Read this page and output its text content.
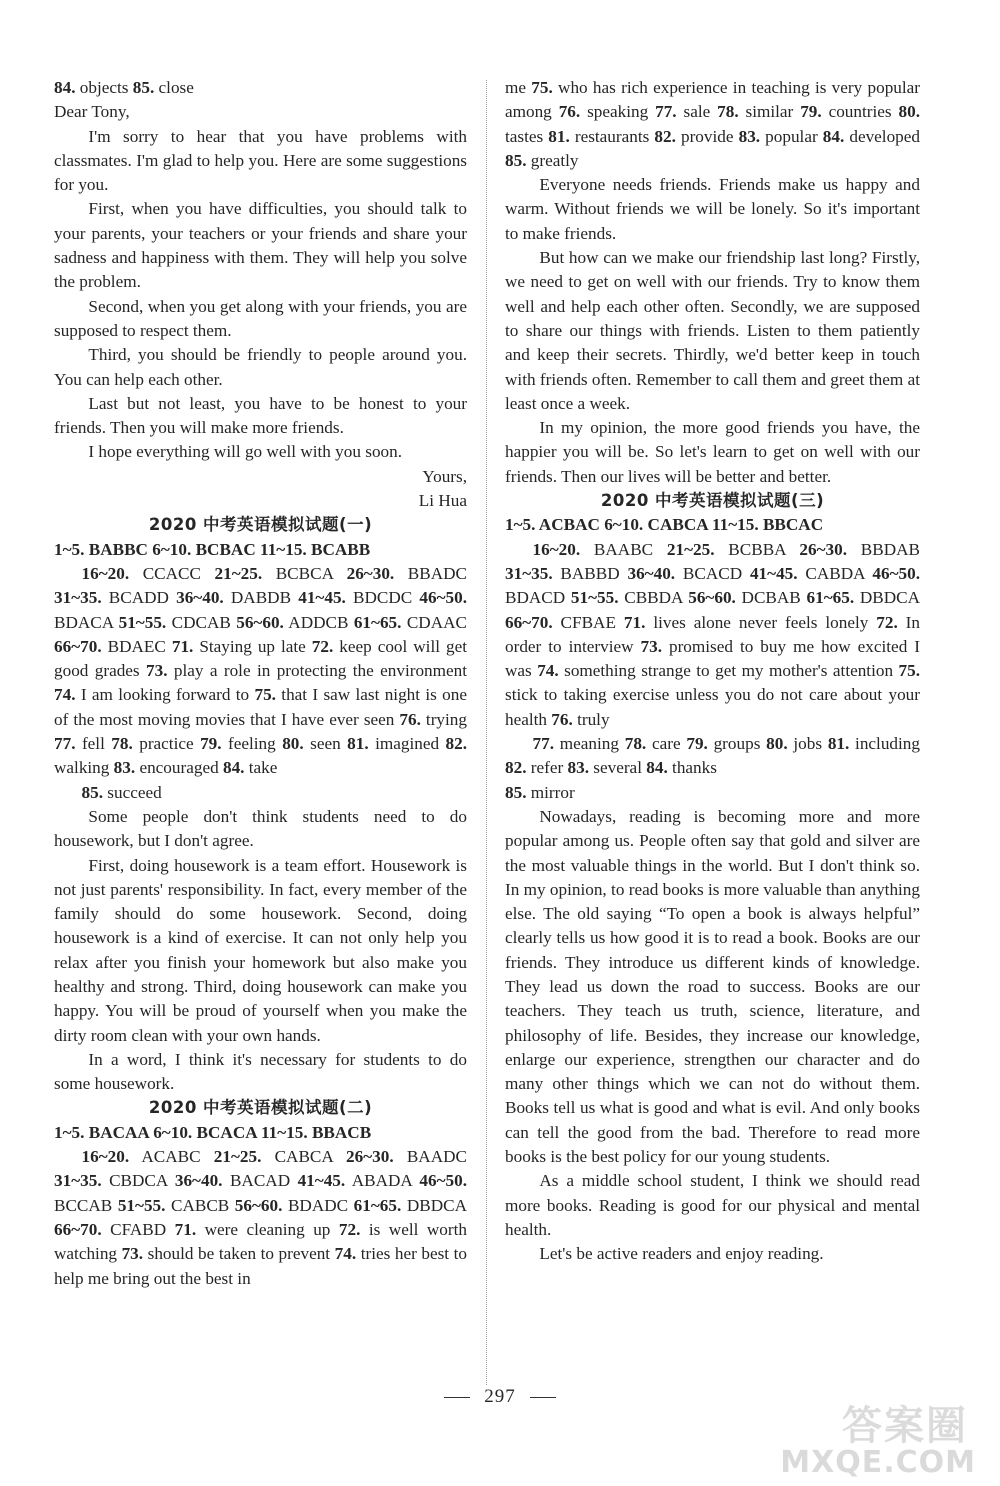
84. objects 85. close

Dear Tony,

I'm sorry to hear that you have problems with classmates. I'm glad to help you. Here are some suggestions for you.

First, when you have difficulties, you should talk to your parents, your teachers or your friends and share your sadness and happiness with them. They will help you solve the problem.

Second, when you get along with your friends, you are supposed to respect them.

Third, you should be friendly to people around you. You can help each other.

Last but not least, you have to be honest to your friends. Then you will make more friends.

I hope everything will go well with you soon.

Yours,

Li Hua

2020 中考英语模拟试题(一)

1~5. BABBC 6~10. BCBAC 11~15. BCABB

16~20. CCACC 21~25. BCBCA 26~30. BBADC 31~35. BCADD 36~40. DABDB 41~45. BDCDC 46~50. BDACA 51~55. CDCAB 56~60. ADDCB 61~65. CDAAC 66~70. BDAEC 71. Staying up late 72. keep cool will get good grades 73. play a role in protecting the environment 74. I am looking forward to 75. that I saw last night is one of the most moving movies that I have ever seen 76. trying 77. fell 78. practice 79. feeling 80. seen 81. imagined 82. walking 83. encouraged 84. take

85. succeed

Some people don't think students need to do housework, but I don't agree.

First, doing housework is a team effort. Housework is not just parents' responsibility. In fact, every member of the family should do some housework. Second, doing housework is a kind of exercise. It can not only help you relax after you finish your homework but also make you healthy and strong. Third, doing housework can make you happy. You will be proud of yourself when you make the dirty room clean with your own hands.

In a word, I think it's necessary for students to do some housework.

2020 中考英语模拟试题(二)

1~5. BACAA 6~10. BCACA 11~15. BBACB

16~20. ACABC 21~25. CABCA 26~30. BAADC 31~35. CBDCA 36~40. BACAD 41~45. ABADA 46~50. BCCAB 51~55. CABCB 56~60. BDADC 61~65. DBDCA 66~70. CFABD 71. were cleaning up 72. is well worth watching 73. should be taken to prevent 74. tries her best to help me bring out the best in

me 75. who has rich experience in teaching is very popular among 76. speaking 77. sale 78. similar 79. countries 80. tastes 81. restaurants 82. provide 83. popular 84. developed 85. greatly

Everyone needs friends. Friends make us happy and warm. Without friends we will be lonely. So it's important to make friends.

But how can we make our friendship last long? Firstly, we need to get on well with our friends. Try to know them well and help each other often. Secondly, we are supposed to share our things with friends. Listen to them patiently and keep their secrets. Thirdly, we'd better keep in touch with friends often. Remember to call them and greet them at least once a week.

In my opinion, the more good friends you have, the happier you will be. So let's learn to get on well with our friends. Then our lives will be better and better.

2020 中考英语模拟试题(三)

1~5. ACBAC 6~10. CABCA 11~15. BBCAC

16~20. BAABC 21~25. BCBBA 26~30. BBDAB 31~35. BABBD 36~40. BCACD 41~45. CABDA 46~50. BDACD 51~55. CBBDA 56~60. DCBAB 61~65. DBDCA 66~70. CFBAE 71. lives alone never feels lonely 72. In order to interview 73. promised to buy me how excited I was 74. something strange to get my mother's attention 75. stick to taking exercise unless you do not care about your health 76. truly

77. meaning 78. care 79. groups 80. jobs 81. including 82. refer 83. several 84. thanks

85. mirror

Nowadays, reading is becoming more and more popular among us. People often say that gold and silver are the most valuable things in the world. But I don't think so. In my opinion, to read books is more valuable than anything else. The old saying “To open a book is always helpful” clearly tells us how good it is to read a book. Books are our friends. They introduce us different kinds of knowledge. They lead us down the road to success. Books are our teachers. They teach us truth, science, literature, and philosophy of life. Besides, they increase our knowledge, enlarge our experience, strengthen our character and do many other things which we can not do without them. Books tell us what is good and what is evil. And only books can tell the good from the bad. Therefore to read more books is the best policy for our young students.

As a middle school student, I think we should read more books. Reading is good for our physical and mental health.

Let's be active readers and enjoy reading.

297
答案圈
MXQE.COM
